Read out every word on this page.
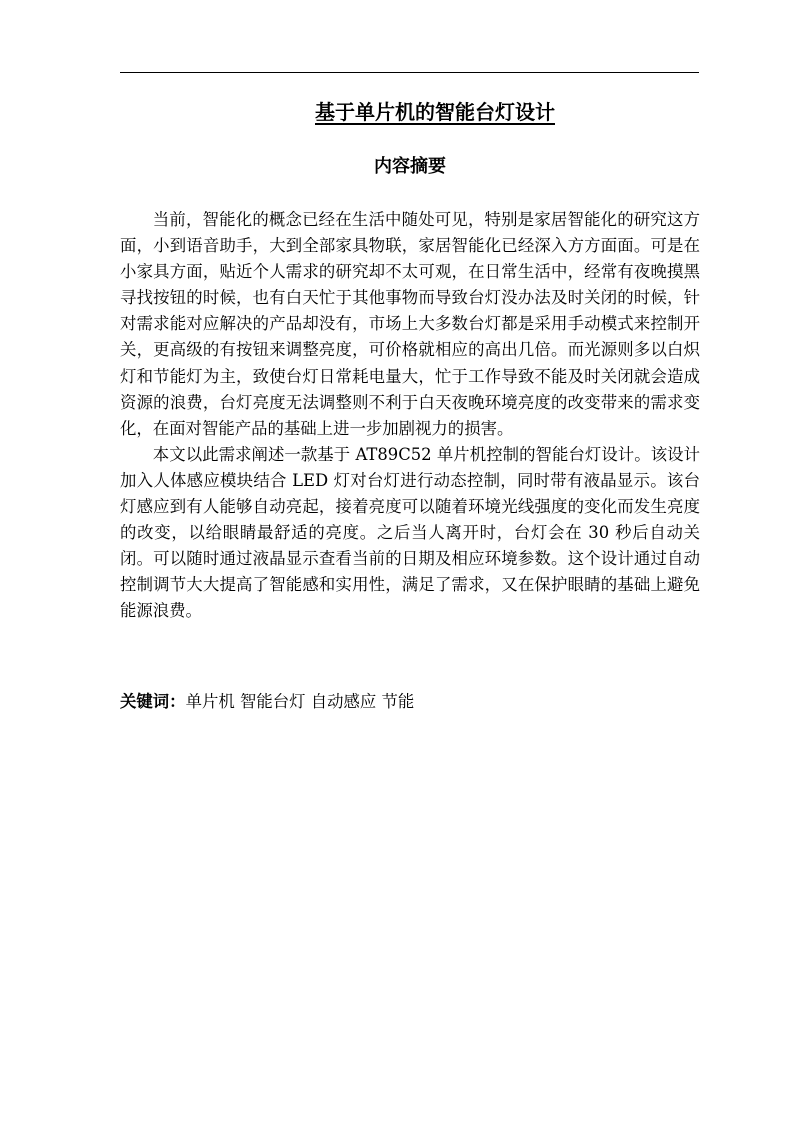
基于单片机的智能台灯设计
内容摘要

当前，智能化的概念已经在生活中随处可见，特别是家居智能化的研究这方面，小到语音助手，大到全部家具物联，家居智能化已经深入方方面面。可是在小家具方面，贴近个人需求的研究却不太可观，在日常生活中，经常有夜晚摸黑寻找按钮的时候，也有白天忙于其他事物而导致台灯没办法及时关闭的时候，针对需求能对应解决的产品却没有，市场上大多数台灯都是采用手动模式来控制开关，更高级的有按钮来调整亮度，可价格就相应的高出几倍。而光源则多以白炽灯和节能灯为主，致使台灯日常耗电量大，忙于工作导致不能及时关闭就会造成资源的浪费，台灯亮度无法调整则不利于白天夜晚环境亮度的改变带来的需求变化，在面对智能产品的基础上进一步加剧视力的损害。

本文以此需求阐述一款基于 AT89C52 单片机控制的智能台灯设计。该设计加入人体感应模块结合 LED 灯对台灯进行动态控制，同时带有液晶显示。该台灯感应到有人能够自动亮起，接着亮度可以随着环境光线强度的变化而发生亮度的改变，以给眼睛最舒适的亮度。之后当人离开时，台灯会在 30 秒后自动关闭。可以随时通过液晶显示查看当前的日期及相应环境参数。这个设计通过自动控制调节大大提高了智能感和实用性，满足了需求，又在保护眼睛的基础上避免能源浪费。

关键词：单片机 智能台灯 自动感应 节能
